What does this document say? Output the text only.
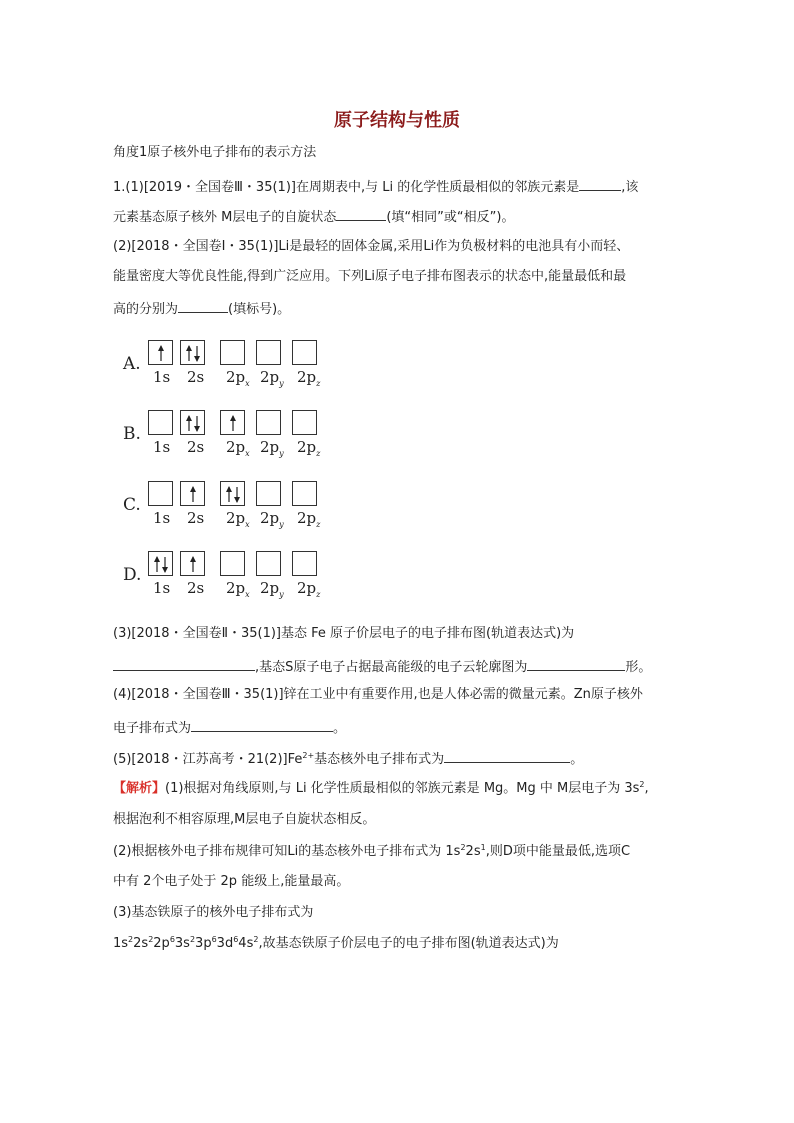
原子结构与性质
角度1原子核外电子排布的表示方法
1.(1)[2019・全国卷Ⅲ・35(1)]在周期表中,与 Li 的化学性质最相似的邻族元素是	,该
元素基态原子核外 M层电子的自旋状态	(填“相同”或“相反”)。
(2)[2018・全国卷Ⅰ・35(1)]Li是最轻的固体金属,采用Li作为负极材料的电池具有小而轻、
能量密度大等优良性能,得到广泛应用。下列Li原子电子排布图表示的状态中,能量最低和最
高的分别为	(填标号)。
A.
1s 2s $2p_x$ $2p_y$ $2p_z$
B.
1s 2s $2p_x$ $2p_y$ $2p_z$
C.
1s 2s $2p_x$ $2p_y$ $2p_z$
D.
1s 2s $2p_x$ $2p_y$ $2p_z$
(3)[2018・全国卷Ⅱ・35(1)]基态 Fe 原子价层电子的电子排布图(轨道表达式)为
,基态S原子电子占据最高能级的电子云轮廓图为	形。
(4)[2018・全国卷Ⅲ・35(1)]锌在工业中有重要作用,也是人体必需的微量元素。Zn原子核外
电子排布式为	。
(5)[2018・江苏高考・$21(2)]Fe^{2+}$基态核外电子排布式为	。
【解析】(1)根据对角线原则,与 Li 化学性质最相似的邻族元素是 Mg。Mg 中 M层电子为 $3s^2$,
根据泡利不相容原理,M层电子自旋状态相反。
(2)根据核外电子排布规律可知Li的基态核外电子排布式为 $1s^22s^1$,则D项中能量最低,选项C
中有 2个电子处于 2p 能级上,能量最高。
(3)基态铁原子的核外电子排布式为
$1s^22s^22p^63s^23p^63d^64s^2$,故基态铁原子价层电子的电子排布图(轨道表达式)为
